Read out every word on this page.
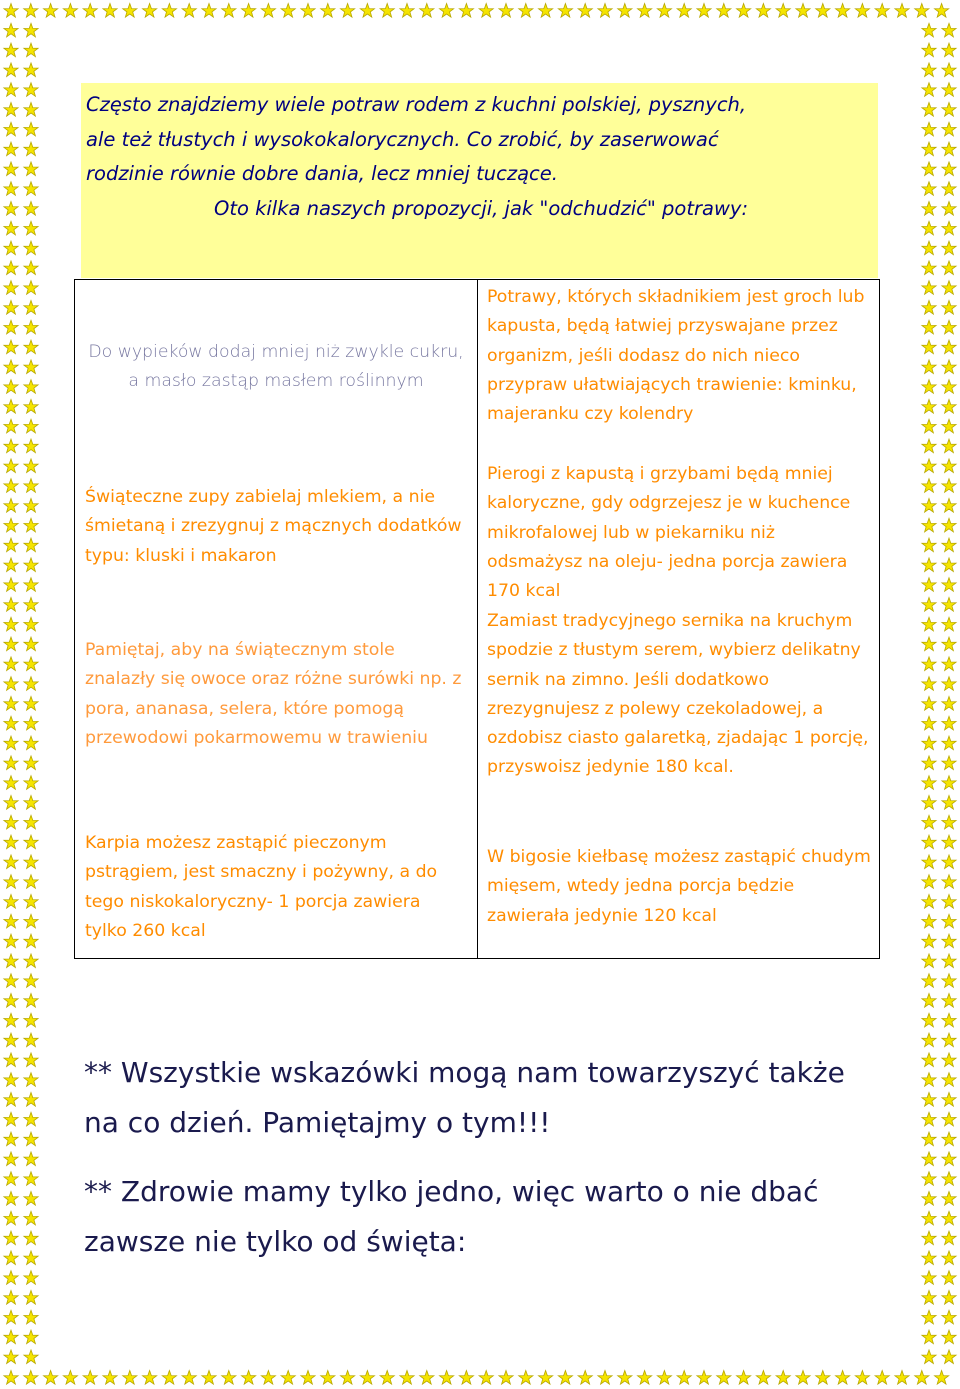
Często znajdziemy wiele potraw rodem z kuchni polskiej, pysznych,
ale też tłustych i wysokokalorycznych. Co zrobić, by zaserwować
rodzinie równie dobre dania, lecz mniej tuczące.

Oto kilka naszych propozycji, jak "odchudzić" potrawy:

Do wypieków dodaj mniej niż zwykle cukru, a masło zastąp masłem roślinnym

Świąteczne zupy zabielaj mlekiem, a nie śmietaną i zrezygnuj z mącznych dodatków typu: kluski i makaron

Pamiętaj, aby na świątecznym stole znalazły się owoce oraz różne surówki np. z pora, ananasa, selera, które pomogą przewodowi pokarmowemu w trawieniu

Karpia możesz zastąpić pieczonym pstrągiem, jest smaczny i pożywny, a do tego niskokaloryczny- 1 porcja zawiera tylko 260 kcal

Potrawy, których składnikiem jest groch lub kapusta, będą łatwiej przyswajane przez organizm, jeśli dodasz do nich nieco przypraw ułatwiających trawienie: kminku, majeranku czy kolendry

Pierogi z kapustą i grzybami będą mniej kaloryczne, gdy odgrzejesz je w kuchence mikrofalowej lub w piekarniku niż odsmażysz na oleju- jedna porcja zawiera 170 kcal

Zamiast tradycyjnego sernika na kruchym spodzie z tłustym serem, wybierz delikatny sernik na zimno. Jeśli dodatkowo zrezygnujesz z polewy czekoladowej, a ozdobisz ciasto galaretką, zjadając 1 porcję, przyswoisz jedynie 180 kcal.

W bigosie kiełbasę możesz zastąpić chudym mięsem, wtedy jedna porcja będzie zawierała jedynie 120 kcal

** Wszystkie wskazówki mogą nam towarzyszyć także na co dzień. Pamiętajmy o tym!!!

** Zdrowie mamy tylko jedno, więc warto o nie dbać zawsze nie tylko od święta:
